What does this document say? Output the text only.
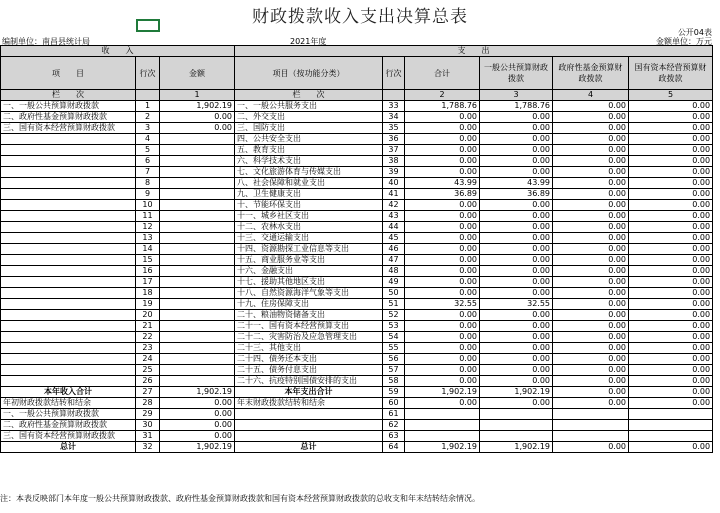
财政拨款收入支出决算总表
公开04表
编制单位：南昌县统计局	2021年度	金额单位：万元
收　　入			支　　出					
项　　目	行次	金额	项目（按功能分类）	行次	合计	一般公共预算财政拨款	政府性基金预算财政拨款	国有资本经营预算财政拨款
栏　　次		1	栏　　次		2	3	4	5
一、一般公共预算财政拨款	1	1,902.19	一、一般公共服务支出	33	1,788.76	1,788.76	0.00	0.00
二、政府性基金预算财政拨款	2	0.00	二、外交支出	34	0.00	0.00	0.00	0.00
三、国有资本经营预算财政拨款	3	0.00	三、国防支出	35	0.00	0.00	0.00	0.00
	4		四、公共安全支出	36	0.00	0.00	0.00	0.00
	5		五、教育支出	37	0.00	0.00	0.00	0.00
	6		六、科学技术支出	38	0.00	0.00	0.00	0.00
	7		七、文化旅游体育与传媒支出	39	0.00	0.00	0.00	0.00
	8		八、社会保障和就业支出	40	43.99	43.99	0.00	0.00
	9		九、卫生健康支出	41	36.89	36.89	0.00	0.00
	10		十、节能环保支出	42	0.00	0.00	0.00	0.00
	11		十一、城乡社区支出	43	0.00	0.00	0.00	0.00
	12		十二、农林水支出	44	0.00	0.00	0.00	0.00
	13		十三、交通运输支出	45	0.00	0.00	0.00	0.00
	14		十四、资源勘探工业信息等支出	46	0.00	0.00	0.00	0.00
	15		十五、商业服务业等支出	47	0.00	0.00	0.00	0.00
	16		十六、金融支出	48	0.00	0.00	0.00	0.00
	17		十七、援助其他地区支出	49	0.00	0.00	0.00	0.00
	18		十八、自然资源海洋气象等支出	50	0.00	0.00	0.00	0.00
	19		十九、住房保障支出	51	32.55	32.55	0.00	0.00
	20		二十、粮油物资储备支出	52	0.00	0.00	0.00	0.00
	21		二十一、国有资本经营预算支出	53	0.00	0.00	0.00	0.00
	22		二十二、灾害防治及应急管理支出	54	0.00	0.00	0.00	0.00
	23		二十三、其他支出	55	0.00	0.00	0.00	0.00
	24		二十四、债务还本支出	56	0.00	0.00	0.00	0.00
	25		二十五、债务付息支出	57	0.00	0.00	0.00	0.00
	26		二十六、抗疫特别国债安排的支出	58	0.00	0.00	0.00	0.00
本年收入合计	27	1,902.19	本年支出合计	59	1,902.19	1,902.19	0.00	0.00
年初财政拨款结转和结余	28	0.00	年末财政拨款结转和结余	60	0.00	0.00	0.00	0.00
一、一般公共预算财政拨款	29	0.00		61				
二、政府性基金预算财政拨款	30	0.00		62				
三、国有资本经营预算财政拨款	31	0.00		63				
总计	32	1,902.19	总计	64	1,902.19	1,902.19	0.00	0.00
注：本表反映部门本年度一般公共预算财政拨款、政府性基金预算财政拨款和国有资本经营预算财政拨款的总收支和年末结转结余情况。
